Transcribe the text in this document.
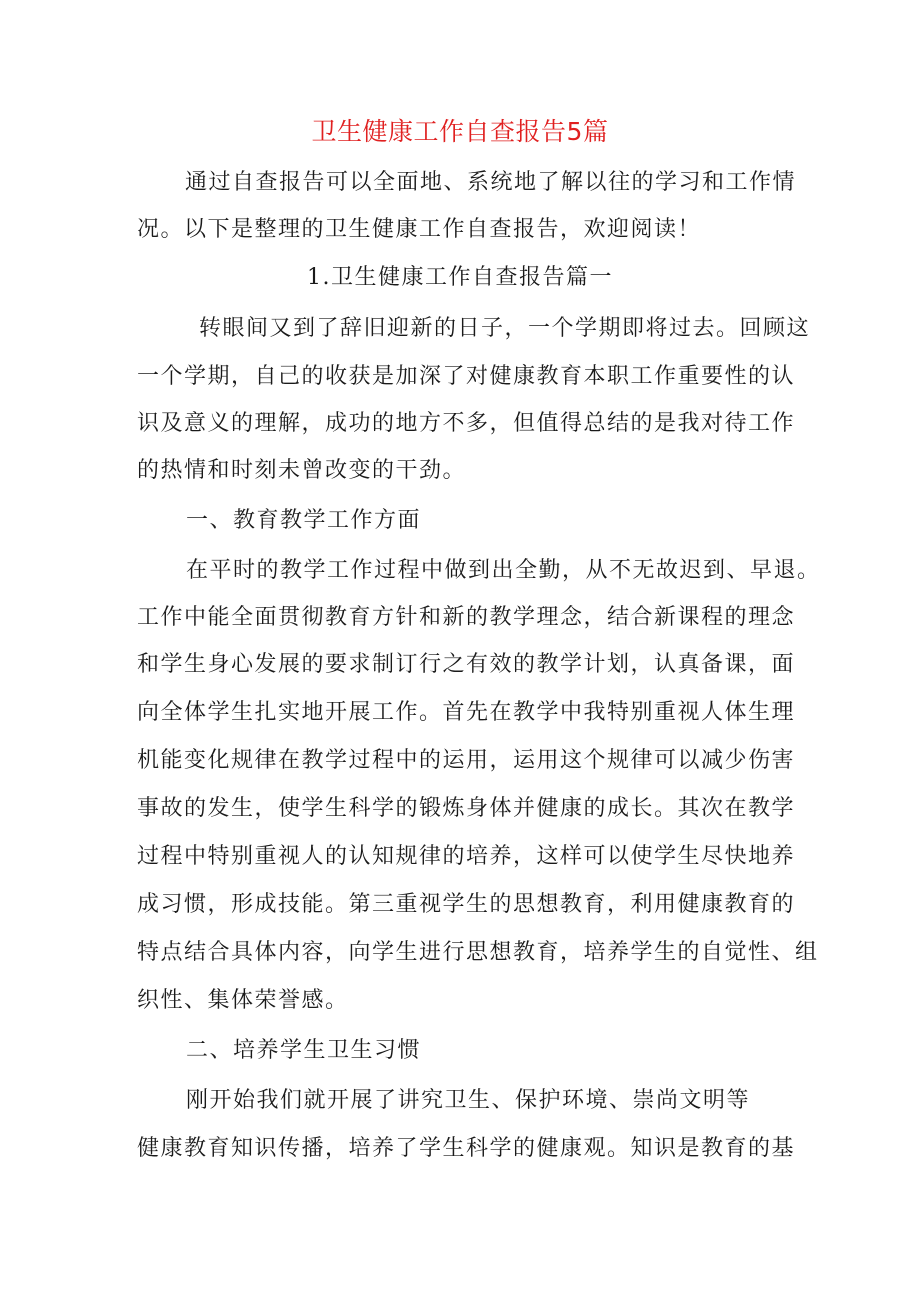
卫生健康工作自查报告5篇

通过自查报告可以全面地、系统地了解以往的学习和工作情

况。以下是整理的卫生健康工作自查报告，欢迎阅读！

1.卫生健康工作自查报告篇一

转眼间又到了辞旧迎新的日子，一个学期即将过去。回顾这

一个学期，自己的收获是加深了对健康教育本职工作重要性的认

识及意义的理解，成功的地方不多，但值得总结的是我对待工作

的热情和时刻未曾改变的干劲。

一、教育教学工作方面

在平时的教学工作过程中做到出全勤，从不无故迟到、早退。

工作中能全面贯彻教育方针和新的教学理念，结合新课程的理念

和学生身心发展的要求制订行之有效的教学计划，认真备课，面

向全体学生扎实地开展工作。首先在教学中我特别重视人体生理

机能变化规律在教学过程中的运用，运用这个规律可以减少伤害

事故的发生，使学生科学的锻炼身体并健康的成长。其次在教学

过程中特别重视人的认知规律的培养，这样可以使学生尽快地养

成习惯，形成技能。第三重视学生的思想教育，利用健康教育的

特点结合具体内容，向学生进行思想教育，培养学生的自觉性、组

织性、集体荣誉感。

二、培养学生卫生习惯

刚开始我们就开展了讲究卫生、保护环境、崇尚文明等

健康教育知识传播，培养了学生科学的健康观。知识是教育的基
